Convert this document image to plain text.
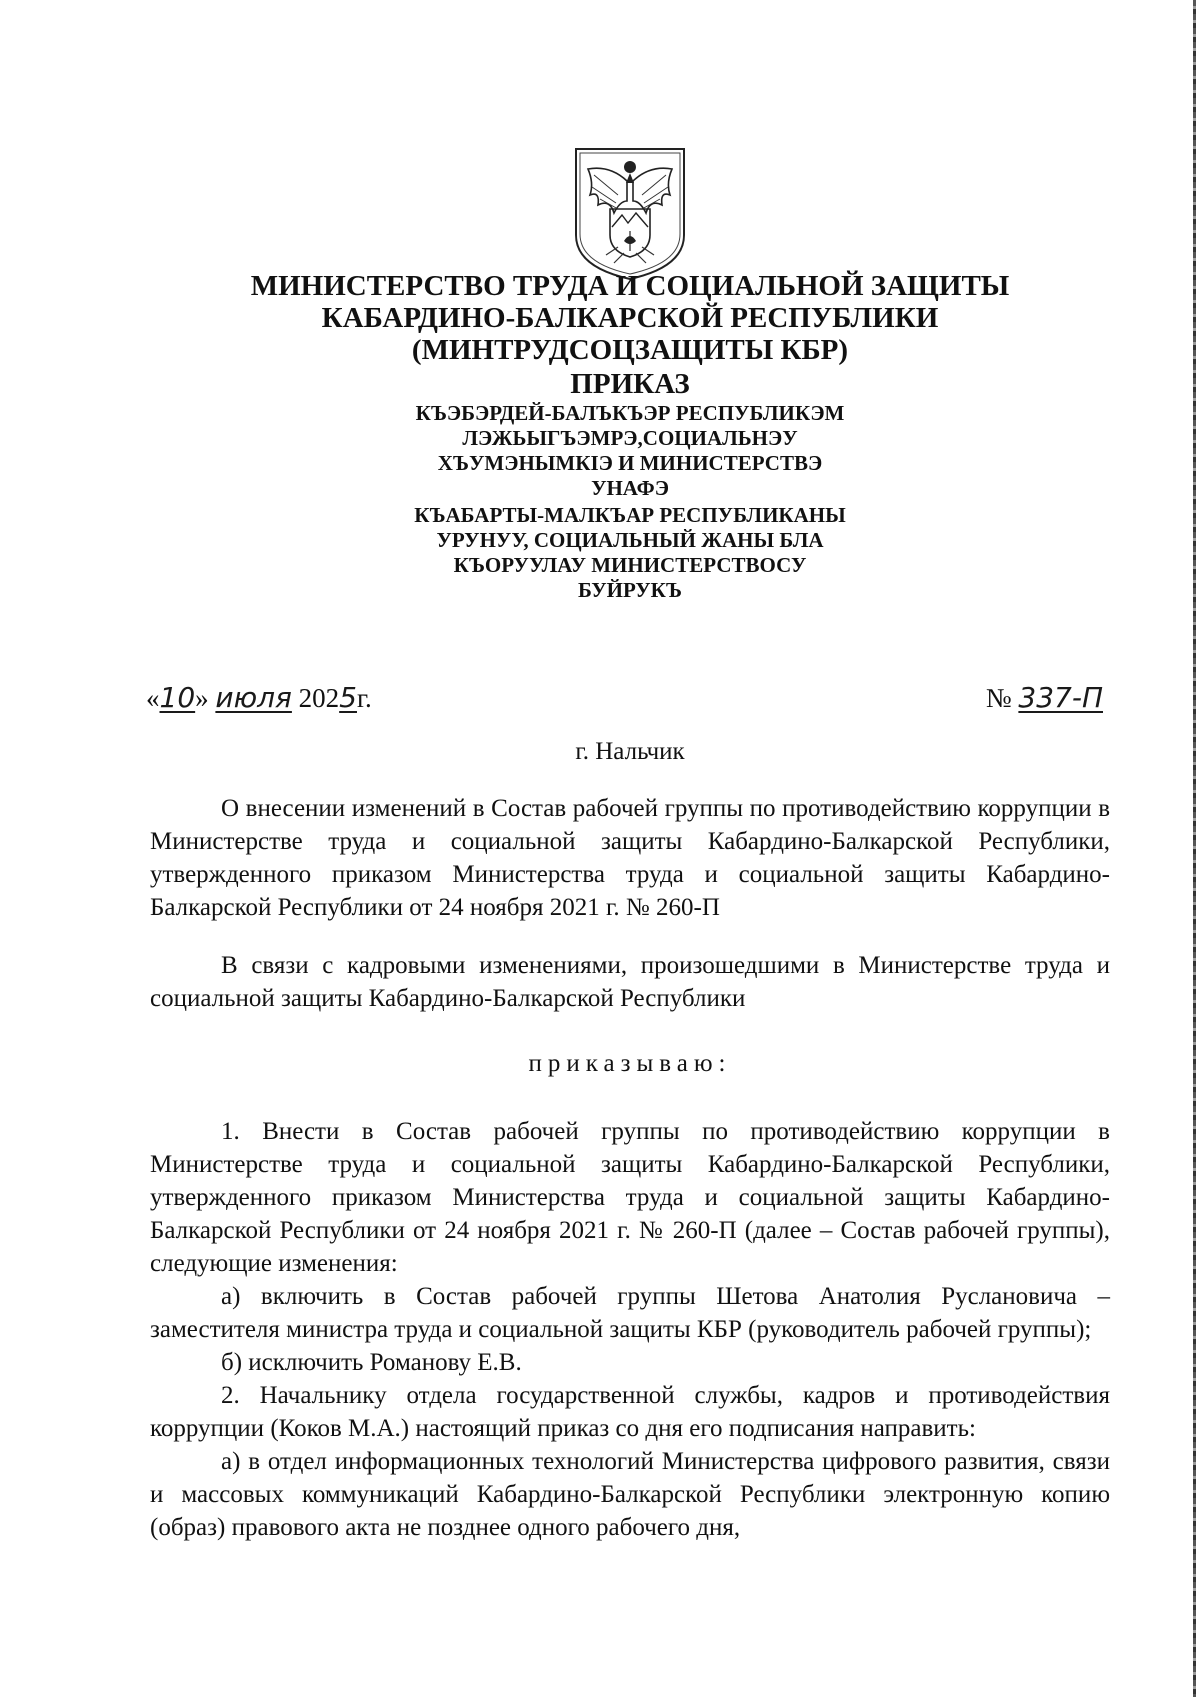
МИНИСТЕРСТВО ТРУДА И СОЦИАЛЬНОЙ ЗАЩИТЫ
КАБАРДИНО-БАЛКАРСКОЙ РЕСПУБЛИКИ
(МИНТРУДСОЦЗАЩИТЫ КБР)
ПРИКАЗ
КЪЭБЭРДЕЙ-БАЛЪКЪЭР РЕСПУБЛИКЭМ
ЛЭЖЬЫГЪЭМРЭ,СОЦИАЛЬНЭУ
ХЪУМЭНЫМКIЭ И МИНИСТЕРСТВЭ
УНАФЭ
КЪАБАРТЫ-МАЛКЪАР РЕСПУБЛИКАНЫ
УРУНУУ, СОЦИАЛЬНЫЙ ЖАНЫ БЛА
КЪОРУУЛАУ МИНИСТЕРСТВОСУ
БУЙРУКЪ
«10» июля 2025г.	№ 337-П
г. Нальчик

О внесении изменений в Состав рабочей группы по противодействию коррупции в Министерстве труда и социальной защиты Кабардино-Балкарской Республики, утвержденного приказом Министерства труда и социальной защиты Кабардино-Балкарской Республики от 24 ноября 2021 г. № 260-П

В связи с кадровыми изменениями, произошедшими в Министерстве труда и социальной защиты Кабардино-Балкарской Республики

приказываю:

1. Внести в Состав рабочей группы по противодействию коррупции в Министерстве труда и социальной защиты Кабардино-Балкарской Республики, утвержденного приказом Министерства труда и социальной защиты Кабардино-Балкарской Республики от 24 ноября 2021 г. № 260-П (далее – Состав рабочей группы), следующие изменения:

а) включить в Состав рабочей группы Шетова Анатолия Руслановича – заместителя министра труда и социальной защиты КБР (руководитель рабочей группы);

б) исключить Романову Е.В.

2. Начальнику отдела государственной службы, кадров и противодействия коррупции (Коков М.А.) настоящий приказ со дня его подписания направить:

а) в отдел информационных технологий Министерства цифрового развития, связи и массовых коммуникаций Кабардино-Балкарской Республики электронную копию (образ) правового акта не позднее одного рабочего дня,
